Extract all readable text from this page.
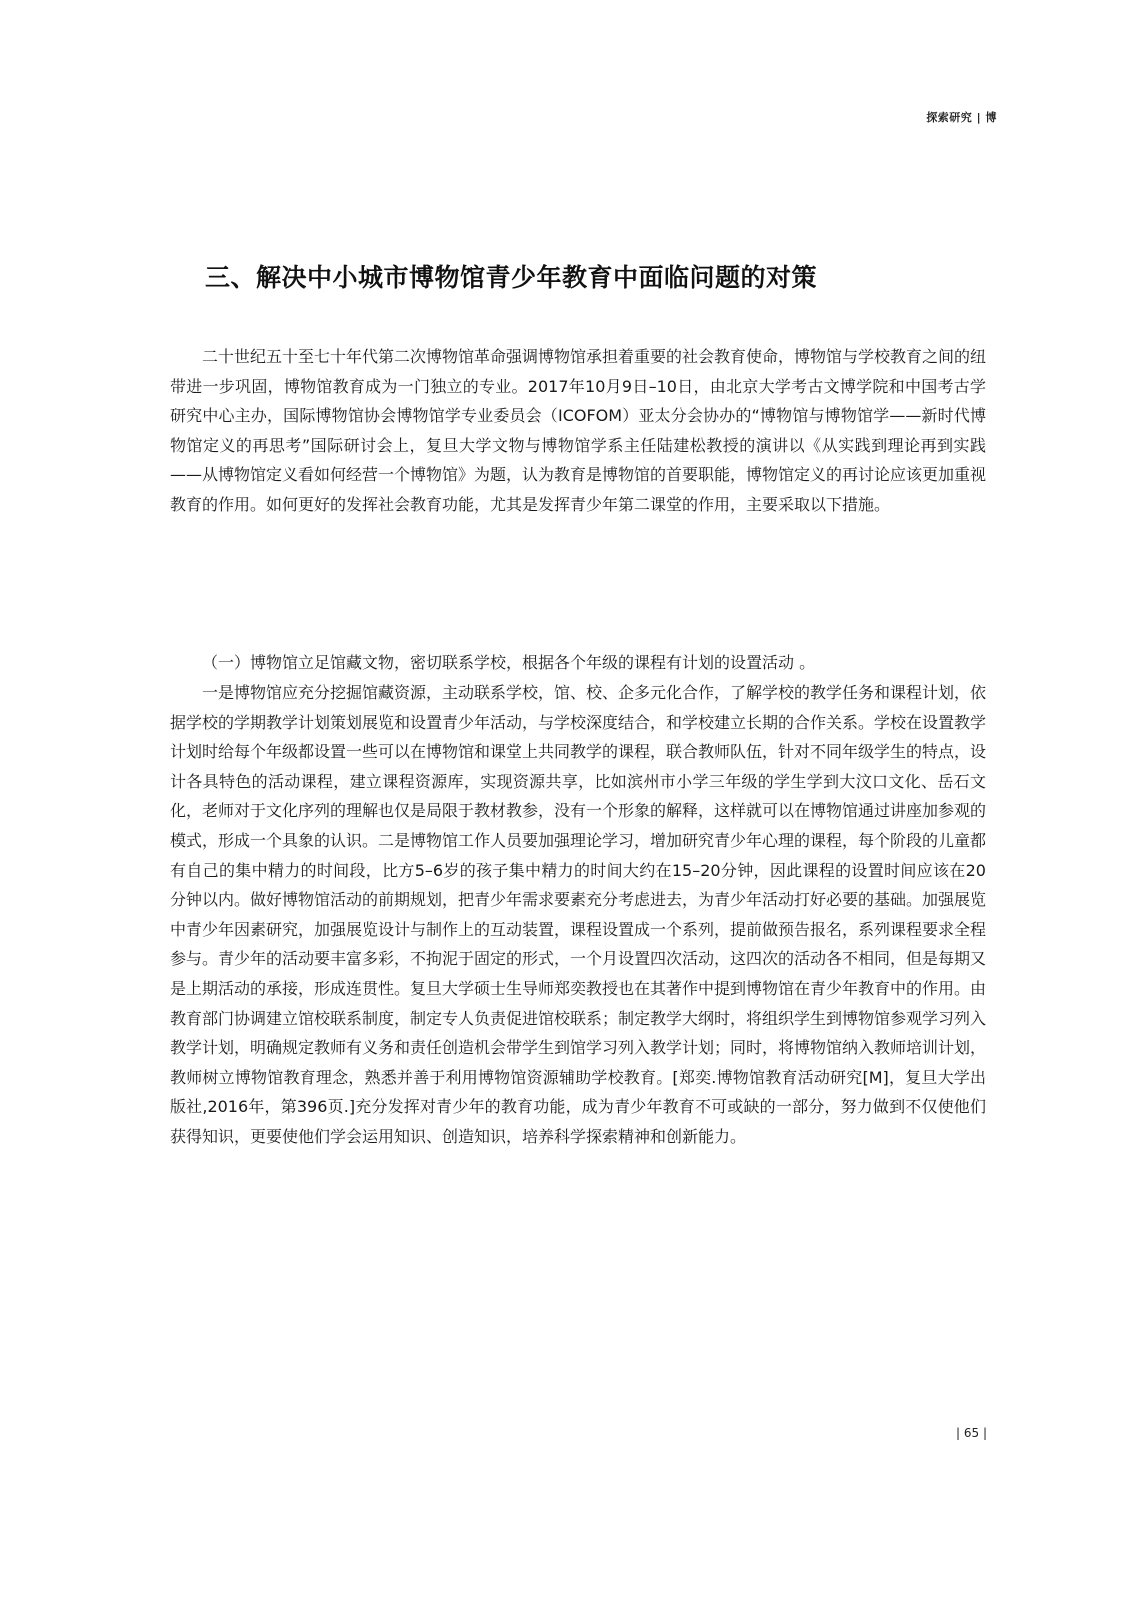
探索研究 | 博
三、解决中小城市博物馆青少年教育中面临问题的对策

二十世纪五十至七十年代第二次博物馆革命强调博物馆承担着重要的社会教育使命，博物馆与学校教育之间的纽带进一步巩固，博物馆教育成为一门独立的专业。2017年10月9日–10日，由北京大学考古文博学院和中国考古学研究中心主办，国际博物馆协会博物馆学专业委员会（ICOFOM）亚太分会协办的“博物馆与博物馆学——新时代博物馆定义的再思考”国际研讨会上，复旦大学文物与博物馆学系主任陆建松教授的演讲以《从实践到理论再到实践——从博物馆定义看如何经营一个博物馆》为题，认为教育是博物馆的首要职能，博物馆定义的再讨论应该更加重视教育的作用。如何更好的发挥社会教育功能，尤其是发挥青少年第二课堂的作用，主要采取以下措施。

（一）博物馆立足馆藏文物，密切联系学校，根据各个年级的课程有计划的设置活动 。

一是博物馆应充分挖掘馆藏资源，主动联系学校，馆、校、企多元化合作，了解学校的教学任务和课程计划，依据学校的学期教学计划策划展览和设置青少年活动，与学校深度结合，和学校建立长期的合作关系。学校在设置教学计划时给每个年级都设置一些可以在博物馆和课堂上共同教学的课程，联合教师队伍，针对不同年级学生的特点，设计各具特色的活动课程，建立课程资源库，实现资源共享，比如滨州市小学三年级的学生学到大汶口文化、岳石文化，老师对于文化序列的理解也仅是局限于教材教参，没有一个形象的解释，这样就可以在博物馆通过讲座加参观的模式，形成一个具象的认识。二是博物馆工作人员要加强理论学习，增加研究青少年心理的课程，每个阶段的儿童都有自己的集中精力的时间段，比方5–6岁的孩子集中精力的时间大约在15–20分钟，因此课程的设置时间应该在20分钟以内。做好博物馆活动的前期规划，把青少年需求要素充分考虑进去，为青少年活动打好必要的基础。加强展览中青少年因素研究，加强展览设计与制作上的互动装置，课程设置成一个系列，提前做预告报名，系列课程要求全程参与。青少年的活动要丰富多彩，不拘泥于固定的形式，一个月设置四次活动，这四次的活动各不相同，但是每期又是上期活动的承接，形成连贯性。复旦大学硕士生导师郑奕教授也在其著作中提到博物馆在青少年教育中的作用。由教育部门协调建立馆校联系制度，制定专人负责促进馆校联系；制定教学大纲时，将组织学生到博物馆参观学习列入教学计划，明确规定教师有义务和责任创造机会带学生到馆学习列入教学计划；同时，将博物馆纳入教师培训计划，教师树立博物馆教育理念，熟悉并善于利用博物馆资源辅助学校教育。[郑奕.博物馆教育活动研究[M]，复旦大学出版社,2016年，第396页.]充分发挥对青少年的教育功能，成为青少年教育不可或缺的一部分，努力做到不仅使他们获得知识，更要使他们学会运用知识、创造知识，培养科学探索精神和创新能力。

| 65 |
